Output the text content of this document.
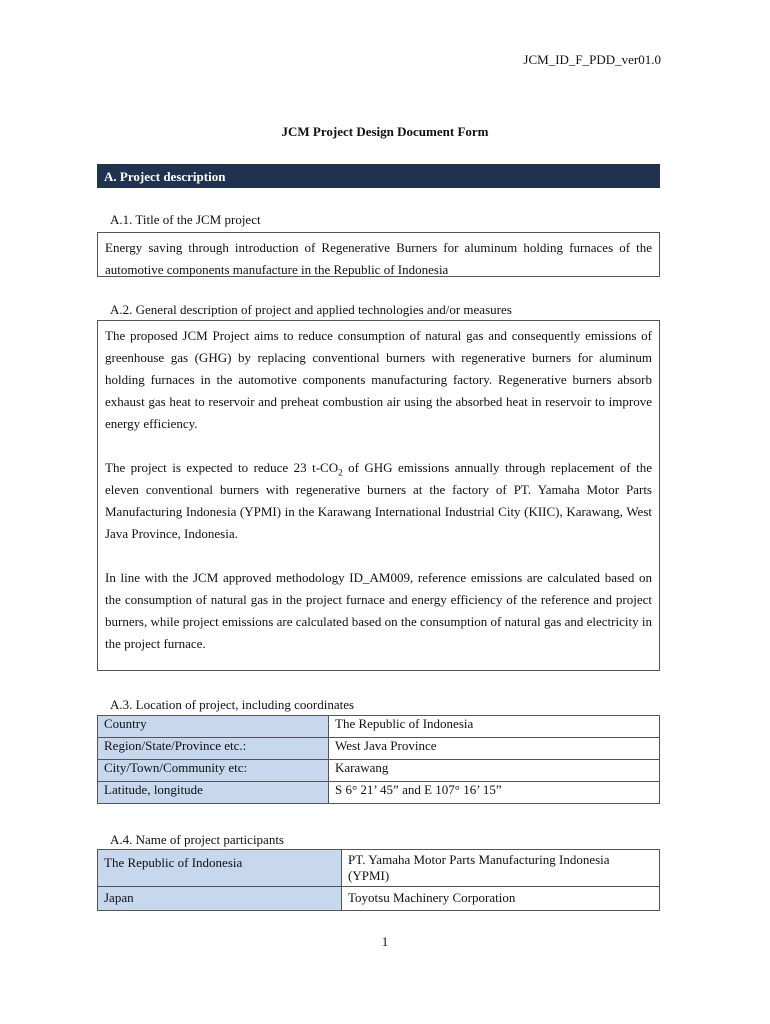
JCM_ID_F_PDD_ver01.0
JCM Project Design Document Form
A. Project description
A.1. Title of the JCM project

Energy saving through introduction of Regenerative Burners for aluminum holding furnaces of the automotive components manufacture in the Republic of Indonesia

A.2. General description of project and applied technologies and/or measures

The proposed JCM Project aims to reduce consumption of natural gas and consequently emissions of greenhouse gas (GHG) by replacing conventional burners with regenerative burners for aluminum holding furnaces in the automotive components manufacturing factory. Regenerative burners absorb exhaust gas heat to reservoir and preheat combustion air using the absorbed heat in reservoir to improve energy efficiency.

The project is expected to reduce 23 $t-CO_2$ of GHG emissions annually through replacement of the eleven conventional burners with regenerative burners at the factory of PT. Yamaha Motor Parts Manufacturing Indonesia (YPMI) in the Karawang International Industrial City (KIIC), Karawang, West Java Province, Indonesia.

In line with the JCM approved methodology ID_AM009, reference emissions are calculated based on the consumption of natural gas in the project furnace and energy efficiency of the reference and project burners, while project emissions are calculated based on the consumption of natural gas and electricity in the project furnace.

A.3. Location of project, including coordinates
Country	The Republic of Indonesia
Region/State/Province etc.:	West Java Province
City/Town/Community etc:	Karawang
Latitude, longitude	S 6° 21’ 45” and E 107° 16’ 15”
A.4. Name of project participants
The Republic of Indonesia	PT. Yamaha Motor Parts Manufacturing Indonesia (YPMI)
Japan	Toyotsu Machinery Corporation
1
